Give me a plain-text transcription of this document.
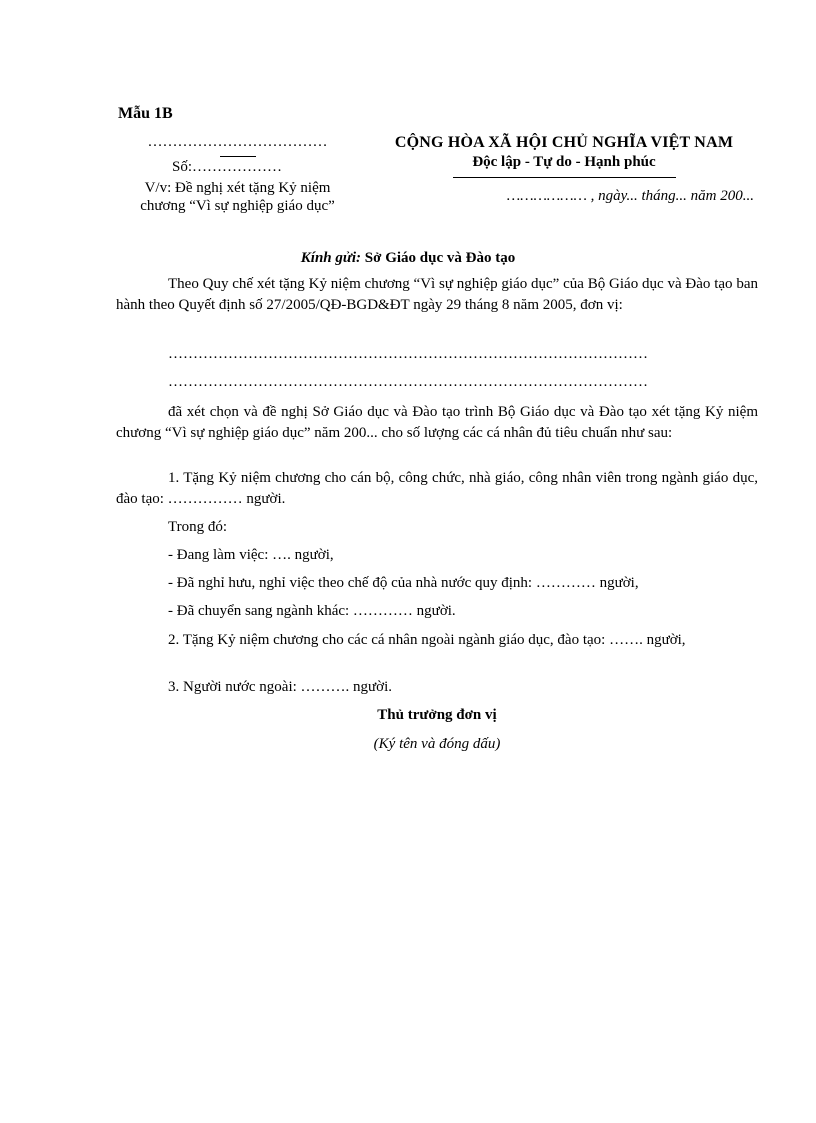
Mẫu 1B
………………………………
Số:………………
V/v: Đề nghị xét tặng Kỷ niệm
chương “Vì sự nghiệp giáo dục”
CỘNG HÒA XÃ HỘI CHỦ NGHĨA VIỆT NAM
Độc lập - Tự do - Hạnh phúc
……………… , ngày... tháng... năm 200...
Kính gửi: Sở Giáo dục và Đào tạo
Theo Quy chế xét tặng Kỷ niệm chương “Vì sự nghiệp giáo dục” của Bộ Giáo dục và Đào tạo ban hành theo Quyết định số 27/2005/QĐ-BGD&ĐT ngày 29 tháng 8 năm 2005, đơn vị:
……………………………………………………………………………………
……………………………………………………………………………………
đã xét chọn và đề nghị Sở Giáo dục và Đào tạo trình Bộ Giáo dục và Đào tạo xét tặng Kỷ niệm chương “Vì sự nghiệp giáo dục” năm 200... cho số lượng các cá nhân đủ tiêu chuẩn như sau:
1. Tặng Kỷ niệm chương cho cán bộ, công chức, nhà giáo, công nhân viên trong ngành giáo dục, đào tạo: …………… người.
Trong đó:
- Đang làm việc: …. người,
- Đã nghỉ hưu, nghỉ việc theo chế độ của nhà nước quy định: ………… người,
- Đã chuyển sang ngành khác: ………… người.
2. Tặng Kỷ niệm chương cho các cá nhân ngoài ngành giáo dục, đào tạo: ……. người,
3. Người nước ngoài: ………. người.
Thủ trưởng đơn vị
(Ký tên và đóng dấu)
